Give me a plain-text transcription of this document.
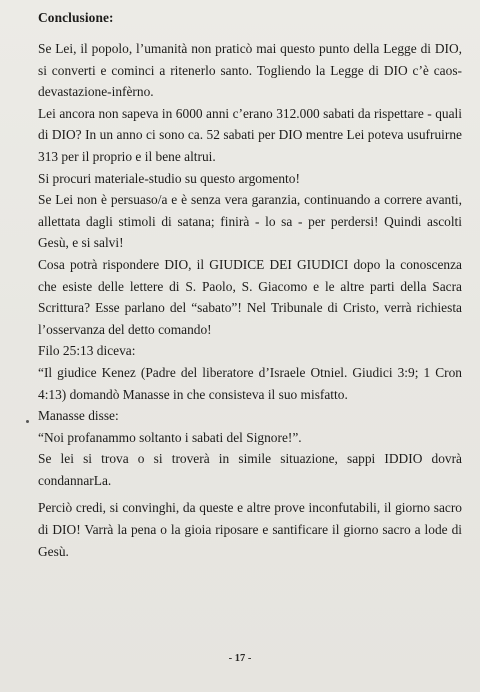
Conclusione:

Se Lei, il popolo, l’umanità non praticò mai questo punto della Legge di DIO, si converti e cominci a ritenerlo santo. Togliendo la Legge di DIO c’è caos-devastazione-infèrno.

Lei ancora non sapeva in 6000 anni c’erano 312.000 sabati da rispettare - quali di DIO? In un anno ci sono ca. 52 sabati per DIO mentre Lei poteva usufruirne 313 per il proprio e il bene altrui.

Si procuri materiale-studio su questo argomento!

Se Lei non è persuaso/a e è senza vera garanzia, continuando a correre avanti, allettata dagli stimoli di satana; finirà - lo sa - per perdersi! Quindi ascolti Gesù, e si salvi!

Cosa potrà rispondere DIO, il GIUDICE DEI GIUDICI dopo la conoscenza che esiste delle lettere di S. Paolo, S. Giacomo e le altre parti della Sacra Scrittura? Esse parlano del “sabato”! Nel Tribunale di Cristo, verrà richiesta l’osservanza del detto comando!

Filo 25:13 diceva:

“Il giudice Kenez (Padre del liberatore d’Israele Otniel. Giudici 3:9; 1 Cron 4:13) domandò Manasse in che consisteva il suo misfatto.

Manasse disse:

“Noi profanammo soltanto i sabati del Signore!”.

Se lei si trova o si troverà in simile situazione, sappi IDDIO dovrà condannarLa.

Perciò credi, si convinghi, da queste e altre prove inconfutabili, il giorno sacro di DIO! Varrà la pena o la gioia riposare e santificare il giorno sacro a lode di Gesù.

- 17 -
